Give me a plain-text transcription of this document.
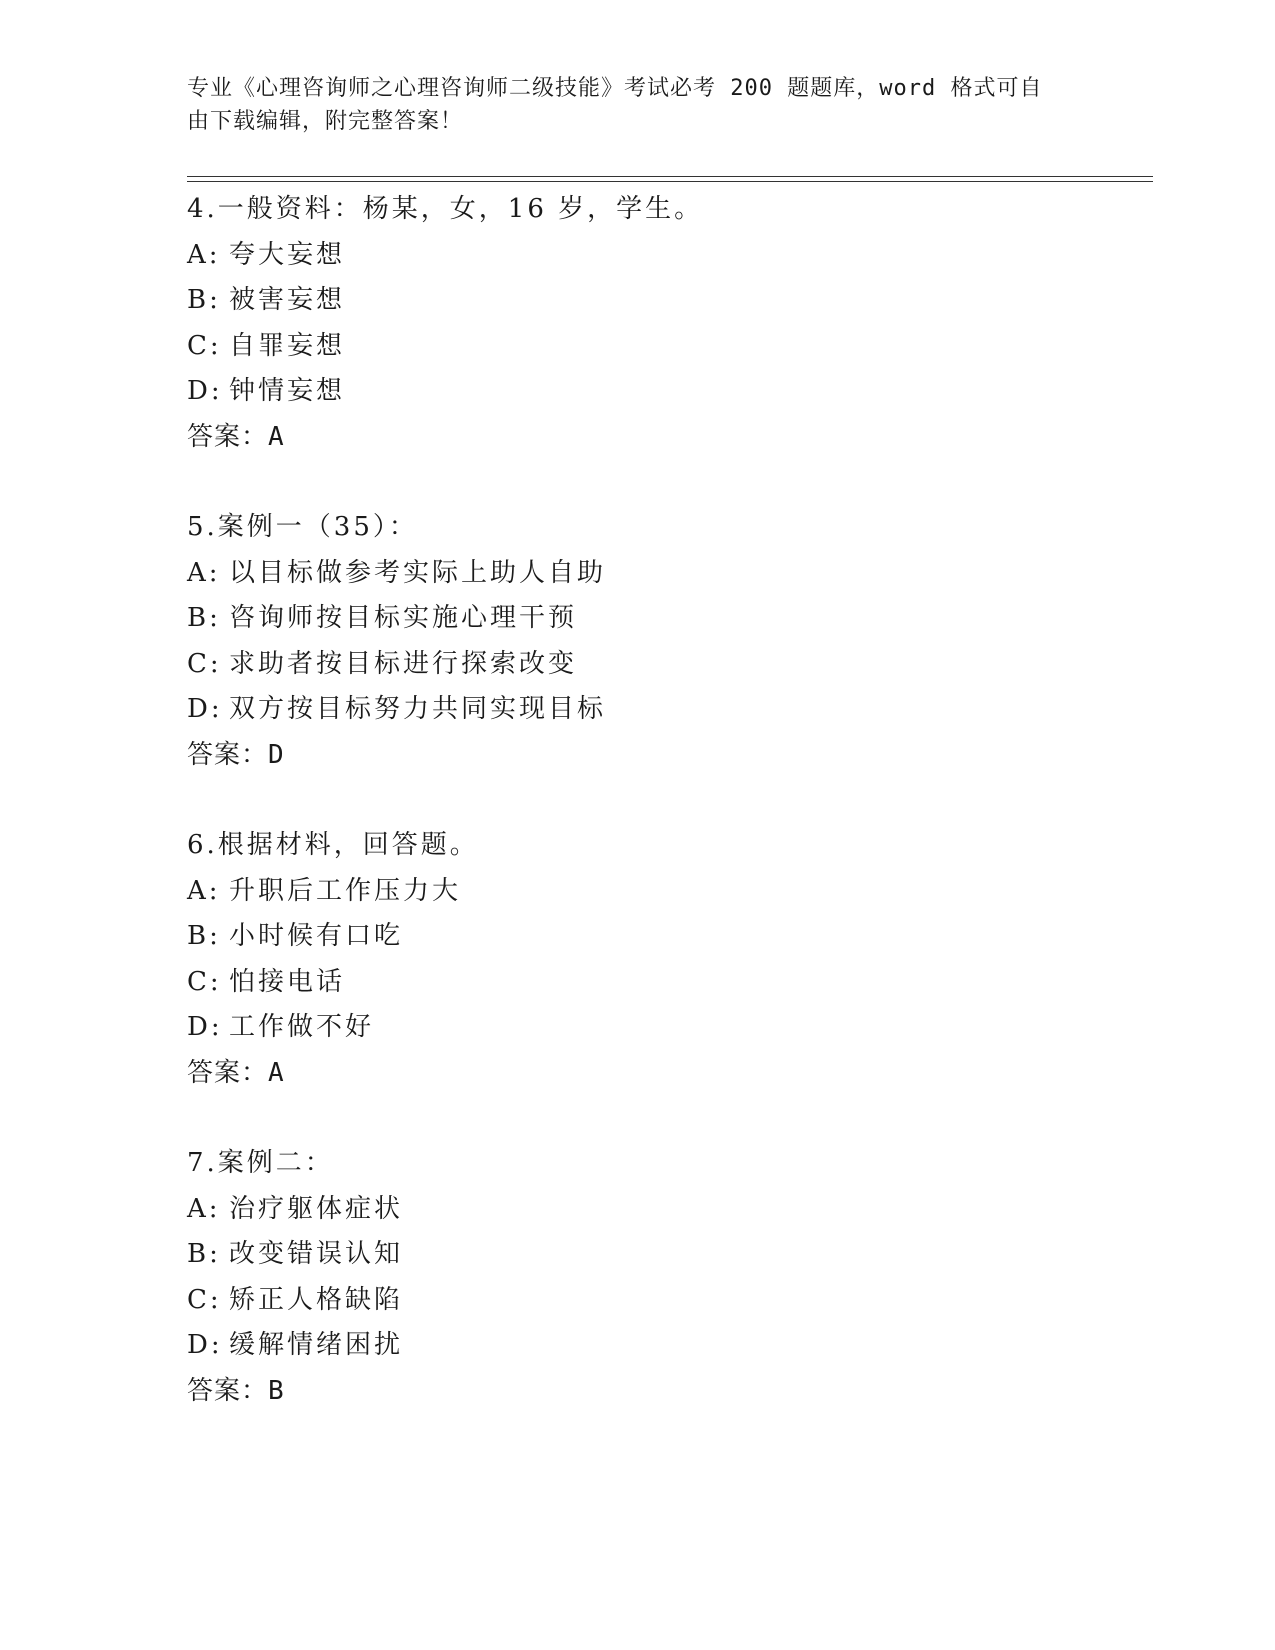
专业《心理咨询师之心理咨询师二级技能》考试必考 200 题题库，word 格式可自
由下载编辑，附完整答案！
4.一般资料：杨某，女，16 岁，学生。
A: 夸大妄想
B: 被害妄想
C: 自罪妄想
D: 钟情妄想
答案：A
5.案例一（35）：
A: 以目标做参考实际上助人自助
B: 咨询师按目标实施心理干预
C: 求助者按目标进行探索改变
D: 双方按目标努力共同实现目标
答案：D
6.根据材料，回答题。
A: 升职后工作压力大
B: 小时候有口吃
C: 怕接电话
D: 工作做不好
答案：A
7.案例二：
A: 治疗躯体症状
B: 改变错误认知
C: 矫正人格缺陷
D: 缓解情绪困扰
答案：B
